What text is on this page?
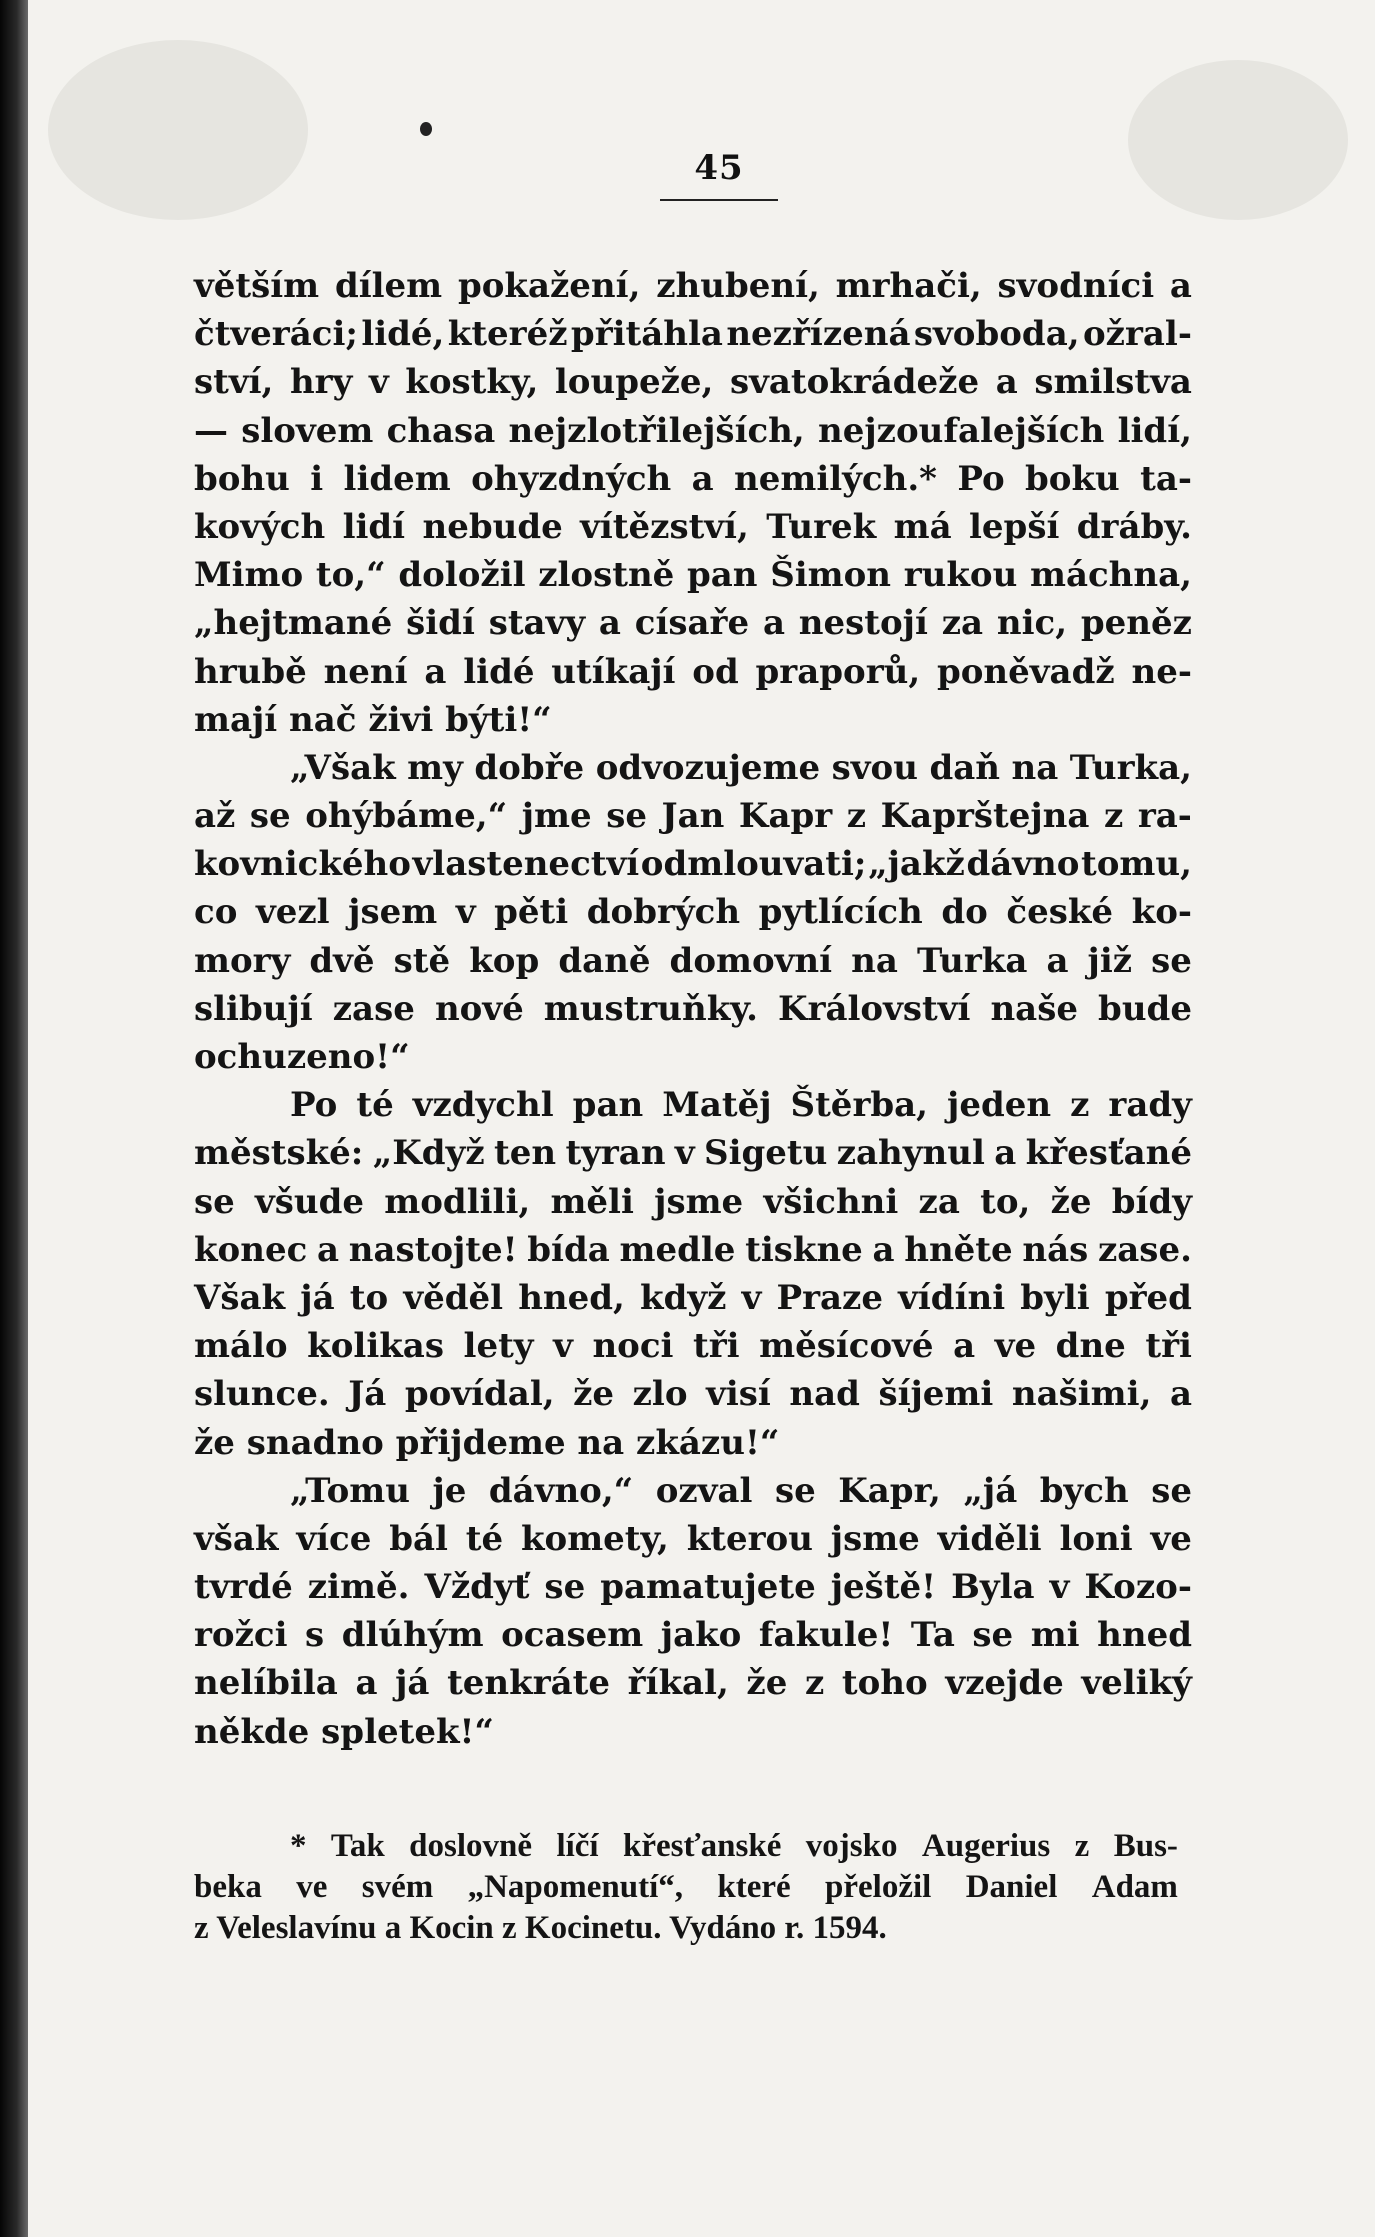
45
větším dílem pokažení, zhubení, mrhači, svodníci a
čtveráci; lidé, kteréž přitáhla nezřízená svoboda, ožral-
ství, hry v kostky, loupeže, svatokrádeže a smilstva
— slovem chasa nejzlotřilejších, nejzoufalejších lidí,
bohu i lidem ohyzdných a nemilých.* Po boku ta-
kových lidí nebude vítězství, Turek má lepší dráby.
Mimo to,“ doložil zlostně pan Šimon rukou máchna,
„hejtmané šidí stavy a císaře a nestojí za nic, peněz
hrubě není a lidé utíkají od praporů, poněvadž ne-
mají nač živi býti!“
„Však my dobře odvozujeme svou daň na Turka,
až se ohýbáme,“ jme se Jan Kapr z Kaprštejna z ra-
kovnického vlastenectví odmlouvati; „jakž dávno tomu,
co vezl jsem v pěti dobrých pytlících do české ko-
mory dvě stě kop daně domovní na Turka a již se
slibují zase nové mustruňky. Království naše bude
ochuzeno!“
Po té vzdychl pan Matěj Štěrba, jeden z rady
městské: „Když ten tyran v Sigetu zahynul a křesťané
se všude modlili, měli jsme všichni za to, že bídy
konec a nastojte! bída medle tiskne a hněte nás zase.
Však já to věděl hned, když v Praze vídíni byli před
málo kolikas lety v noci tři měsícové a ve dne tři
slunce. Já povídal, že zlo visí nad šíjemi našimi, a
že snadno přijdeme na zkázu!“
„Tomu je dávno,“ ozval se Kapr, „já bych se
však více bál té komety, kterou jsme viděli loni ve
tvrdé zimě. Vždyť se pamatujete ještě! Byla v Kozo-
rožci s dlúhým ocasem jako fakule! Ta se mi hned
nelíbila a já tenkráte říkal, že z toho vzejde veliký
někde spletek!“
* Tak doslovně líčí křesťanské vojsko Augerius z Bus-
beka ve svém „Napomenutí“, které přeložil Daniel Adam
z Veleslavínu a Kocin z Kocinetu. Vydáno r. 1594.
